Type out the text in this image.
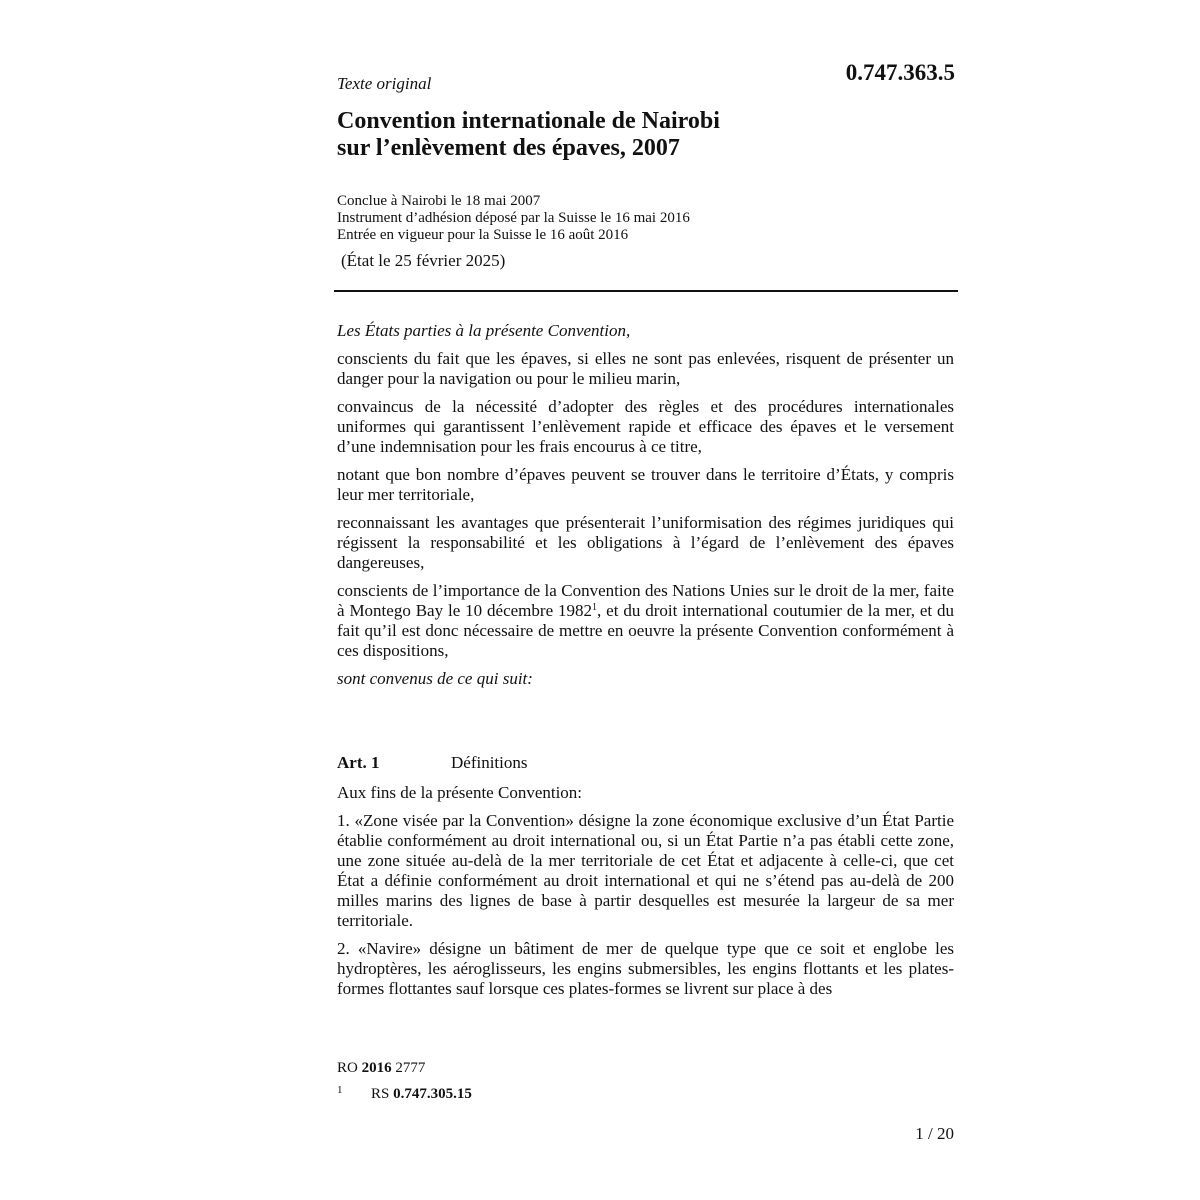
0.747.363.5
Texte original
Convention internationale de Nairobi
sur l’enlèvement des épaves, 2007
Conclue à Nairobi le 18 mai 2007
Instrument d’adhésion déposé par la Suisse le 16 mai 2016
Entrée en vigueur pour la Suisse le 16 août 2016
(État le 25 février 2025)
Les États parties à la présente Convention,

conscients du fait que les épaves, si elles ne sont pas enlevées, risquent de présenter un danger pour la navigation ou pour le milieu marin,

convaincus de la nécessité d’adopter des règles et des procédures internationales uniformes qui garantissent l’enlèvement rapide et efficace des épaves et le versement d’une indemnisation pour les frais encourus à ce titre,

notant que bon nombre d’épaves peuvent se trouver dans le territoire d’États, y compris leur mer territoriale,

reconnaissant les avantages que présenterait l’uniformisation des régimes juridiques qui régissent la responsabilité et les obligations à l’égard de l’enlèvement des épaves dangereuses,

conscients de l’importance de la Convention des Nations Unies sur le droit de la mer, faite à Montego Bay le 10 décembre 1982$^1$, et du droit international coutumier de la mer, et du fait qu’il est donc nécessaire de mettre en oeuvre la présente Convention conformément à ces dispositions,

sont convenus de ce qui suit:
Art. 1	Définitions

Aux fins de la présente Convention:

1. «Zone visée par la Convention» désigne la zone économique exclusive d’un État Partie établie conformément au droit international ou, si un État Partie n’a pas établi cette zone, une zone située au-delà de la mer territoriale de cet État et adjacente à celle-ci, que cet État a définie conformément au droit international et qui ne s’étend pas au-delà de 200 milles marins des lignes de base à partir desquelles est mesurée la largeur de sa mer territoriale.

2. «Navire» désigne un bâtiment de mer de quelque type que ce soit et englobe les hydroptères, les aéroglisseurs, les engins submersibles, les engins flottants et les plates-formes flottantes sauf lorsque ces plates-formes se livrent sur place à des

RO 2016 2777
1 RS 0.747.305.15
1 / 20
